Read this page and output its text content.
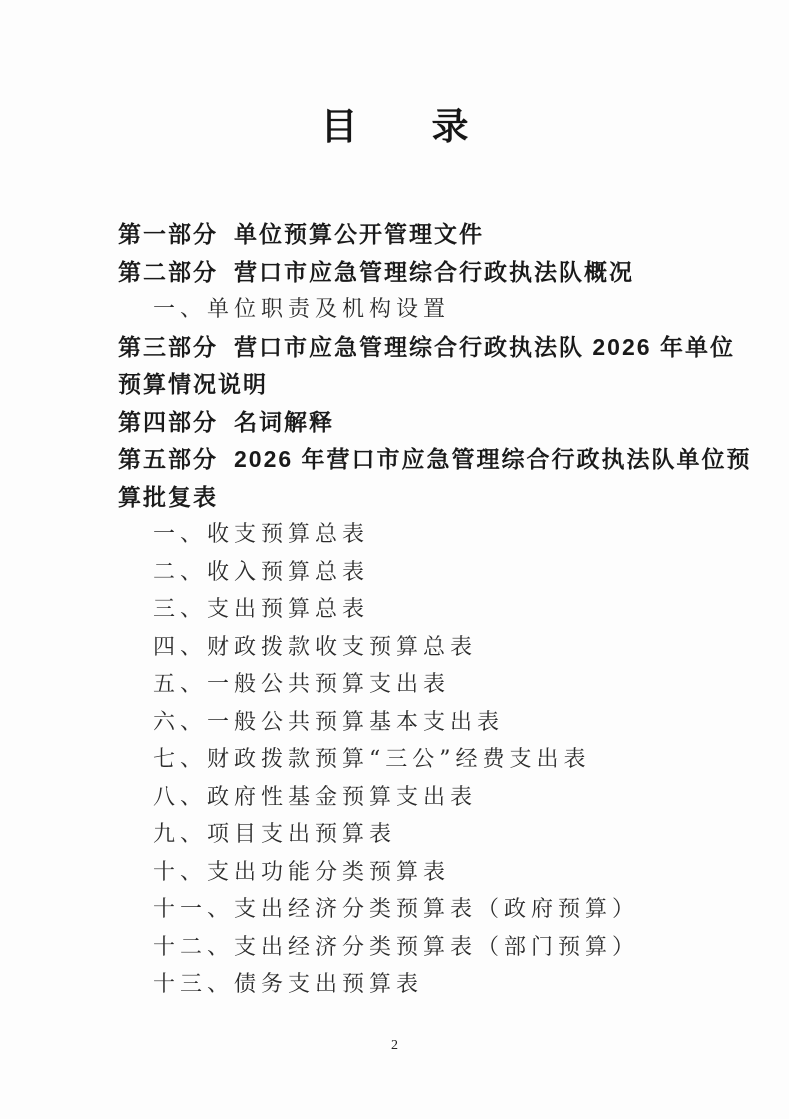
目　　录
第一部分 单位预算公开管理文件
第二部分 营口市应急管理综合行政执法队概况
一、单位职责及机构设置
第三部分 营口市应急管理综合行政执法队 2026 年单位
预算情况说明
第四部分 名词解释
第五部分 2026 年营口市应急管理综合行政执法队单位预
算批复表
一、收支预算总表
二、收入预算总表
三、支出预算总表
四、财政拨款收支预算总表
五、一般公共预算支出表
六、一般公共预算基本支出表
七、财政拨款预算“三公”经费支出表
八、政府性基金预算支出表
九、项目支出预算表
十、支出功能分类预算表
十一、支出经济分类预算表（政府预算）
十二、支出经济分类预算表（部门预算）
十三、债务支出预算表
2
